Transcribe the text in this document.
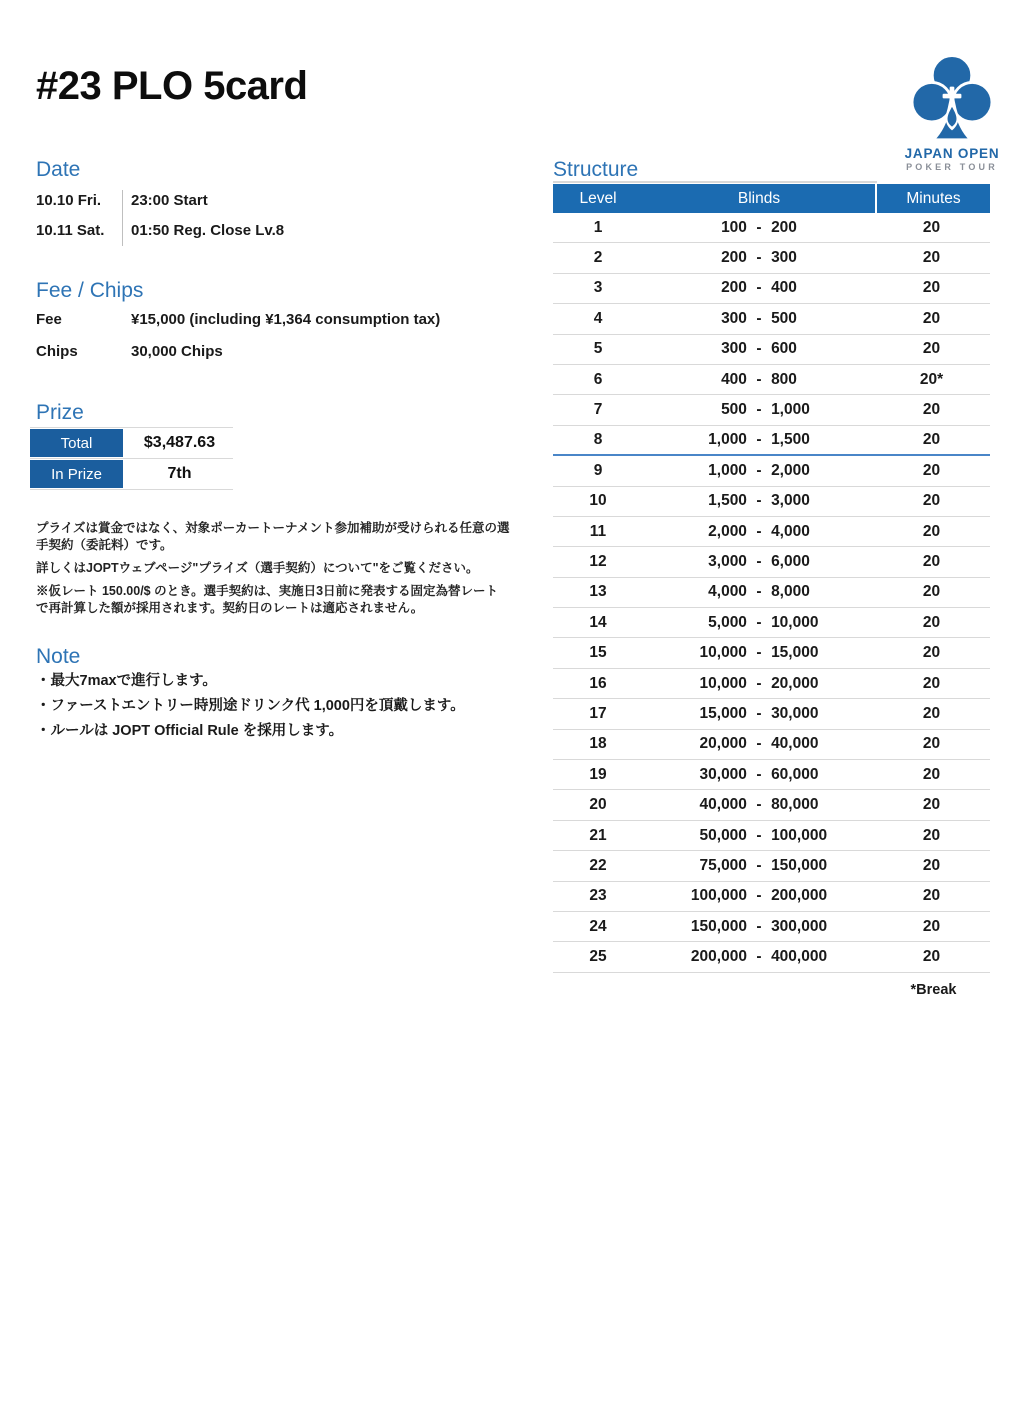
#23 PLO 5card
JAPAN OPEN
POKER TOUR
Date
10.10 Fri. 23:00 Start
10.11 Sat. 01:50 Reg. Close Lv.8
Fee / Chips
Fee	¥15,000 (including ¥1,364 consumption tax)
Chips	30,000 Chips
Prize
Total	$3,487.63
In Prize	7th

プライズは賞金ではなく、対象ポーカートーナメント参加補助が受けられる任意の選手契約（委託料）です。

詳しくはJOPTウェブページ"プライズ（選手契約）について"をご覧ください。

※仮レート 150.00/$ のとき。選手契約は、実施日3日前に発表する固定為替レートで再計算した額が採用されます。契約日のレートは適応されません。

Note
・最大7maxで進行します。
・ファーストエントリー時別途ドリンク代 1,000円を頂戴します。
・ルールは JOPT Official Rule を採用します。
Structure
Level	Blinds	Minutes
1	100 - 200	20
2	200 - 300	20
3	200 - 400	20
4	300 - 500	20
5	300 - 600	20
6	400 - 800	20*
7	500 - 1,000	20
8	1,000 - 1,500	20
9	1,000 - 2,000	20
10	1,500 - 3,000	20
11	2,000 - 4,000	20
12	3,000 - 6,000	20
13	4,000 - 8,000	20
14	5,000 - 10,000	20
15	10,000 - 15,000	20
16	10,000 - 20,000	20
17	15,000 - 30,000	20
18	20,000 - 40,000	20
19	30,000 - 60,000	20
20	40,000 - 80,000	20
21	50,000 - 100,000	20
22	75,000 - 150,000	20
23	100,000 - 200,000	20
24	150,000 - 300,000	20
25	200,000 - 400,000	20
*Break
